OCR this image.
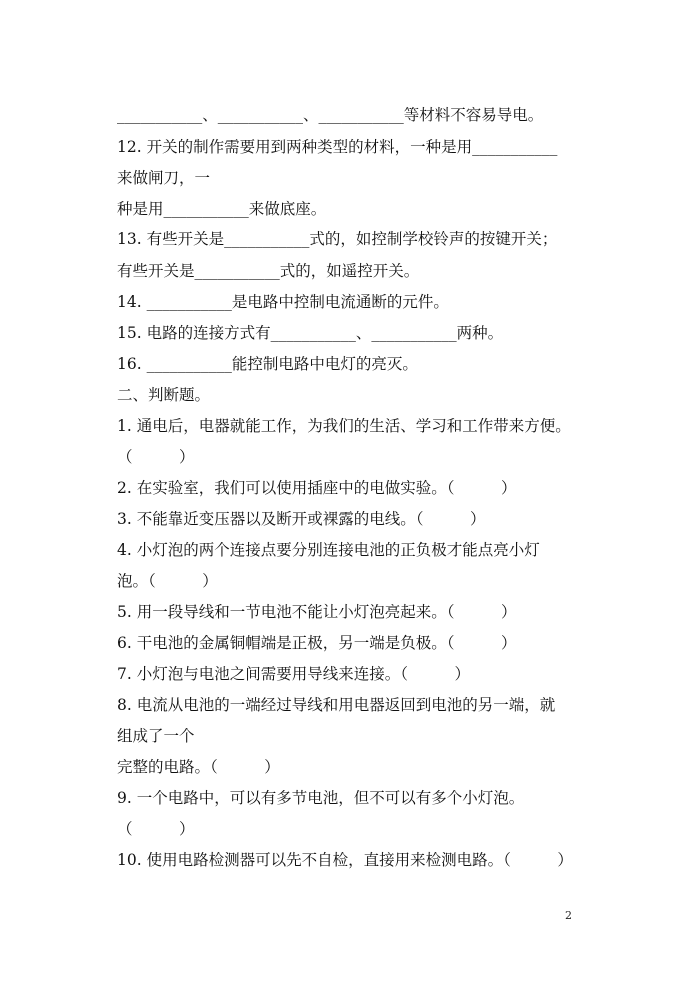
___________、___________、___________等材料不容易导电。

12. 开关的制作需要用到两种类型的材料，一种是用___________

来做闸刀，一

种是用___________来做底座。

13. 有些开关是___________式的，如控制学校铃声的按键开关；

有些开关是___________式的，如遥控开关。

14. ___________是电路中控制电流通断的元件。

15. 电路的连接方式有___________、___________两种。

16. ___________能控制电路中电灯的亮灭。

二、判断题。

1. 通电后，电器就能工作，为我们的生活、学习和工作带来方便。

（　　　）

2. 在实验室，我们可以使用插座中的电做实验。（　　　）

3. 不能靠近变压器以及断开或裸露的电线。（　　　）

4. 小灯泡的两个连接点要分别连接电池的正负极才能点亮小灯

泡。（　　　）

5. 用一段导线和一节电池不能让小灯泡亮起来。（　　　）

6. 干电池的金属铜帽端是正极，另一端是负极。（　　　）

7. 小灯泡与电池之间需要用导线来连接。（　　　）

8. 电流从电池的一端经过导线和用电器返回到电池的另一端，就

组成了一个

完整的电路。（　　　）

9. 一个电路中，可以有多节电池，但不可以有多个小灯泡。

（　　　）

10. 使用电路检测器可以先不自检，直接用来检测电路。（　　　）

2
